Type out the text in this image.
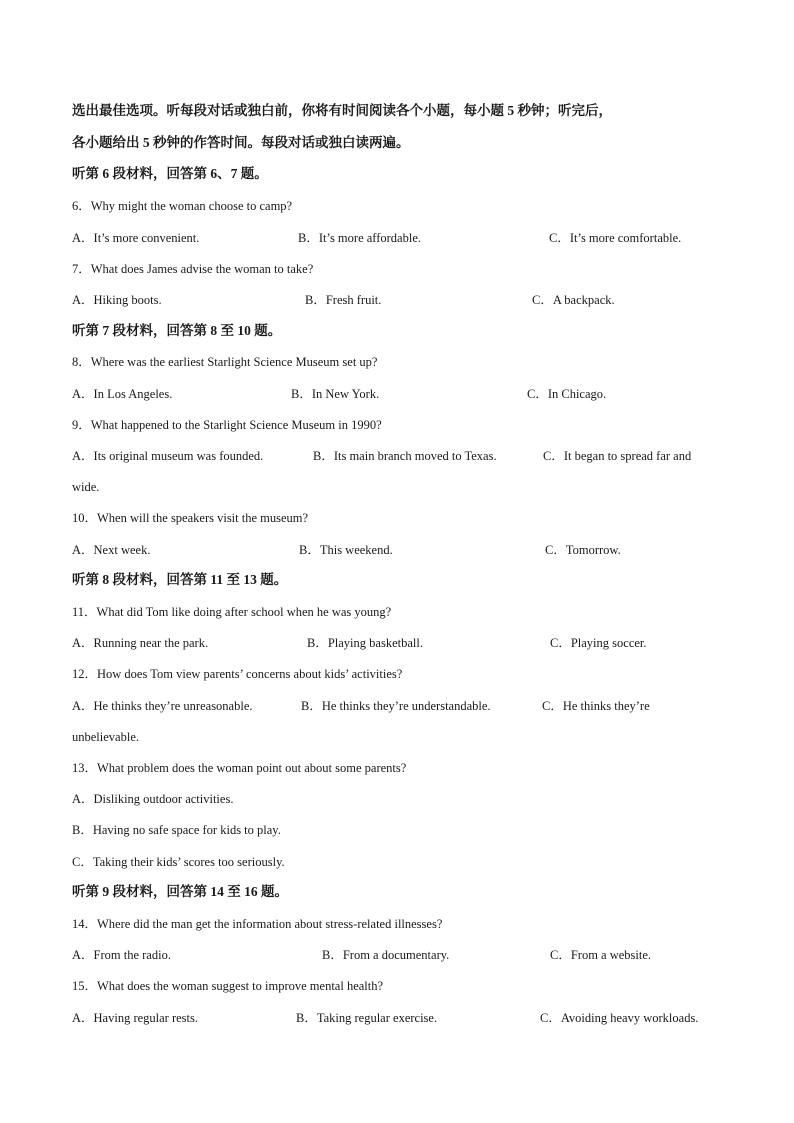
选出最佳选项。听每段对话或独白前，你将有时间阅读各个小题，每小题 5 秒钟；听完后，
各小题给出 5 秒钟的作答时间。每段对话或独白读两遍。
听第 6 段材料，回答第 6、7 题。
6．Why might the woman choose to camp?
A．It’s more convenient.	B．It’s more affordable.	C．It’s more comfortable.
7．What does James advise the woman to take?
A．Hiking boots.	B．Fresh fruit.	C．A backpack.
听第 7 段材料，回答第 8 至 10 题。
8．Where was the earliest Starlight Science Museum set up?
A．In Los Angeles.	B．In New York.	C．In Chicago.
9．What happened to the Starlight Science Museum in 1990?
A．Its original museum was founded.	B．Its main branch moved to Texas.	C．It began to spread far and
wide.
10．When will the speakers visit the museum?
A．Next week.	B．This weekend.	C．Tomorrow.
听第 8 段材料，回答第 11 至 13 题。
11．What did Tom like doing after school when he was young?
A．Running near the park.	B．Playing basketball.	C．Playing soccer.
12．How does Tom view parents’ concerns about kids’ activities?
A．He thinks they’re unreasonable.	B．He thinks they’re understandable.	C．He thinks they’re
unbelievable.
13．What problem does the woman point out about some parents?
A．Disliking outdoor activities.
B．Having no safe space for kids to play.
C．Taking their kids’ scores too seriously.
听第 9 段材料，回答第 14 至 16 题。
14．Where did the man get the information about stress-related illnesses?
A．From the radio.	B．From a documentary.	C．From a website.
15．What does the woman suggest to improve mental health?
A．Having regular rests.	B．Taking regular exercise.	C．Avoiding heavy workloads.
